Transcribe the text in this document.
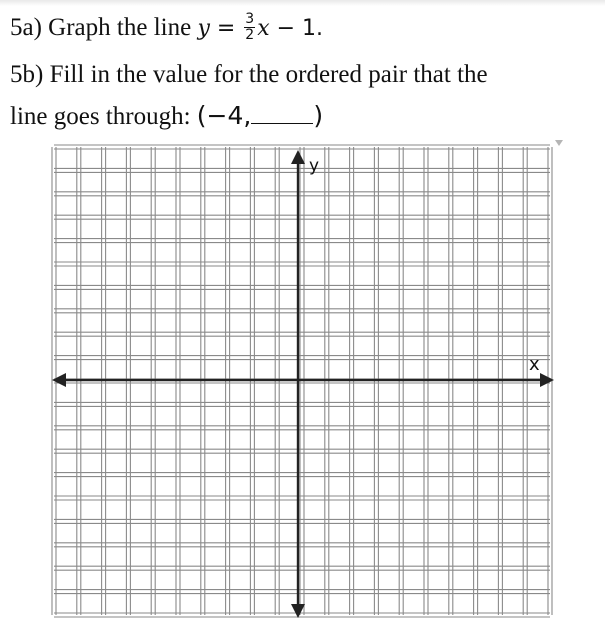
5a) Graph the line $y = \frac{3}{2}$ x − 1.
5b) Fill in the value for the ordered pair that the
line goes through: (−4, )
y
x
